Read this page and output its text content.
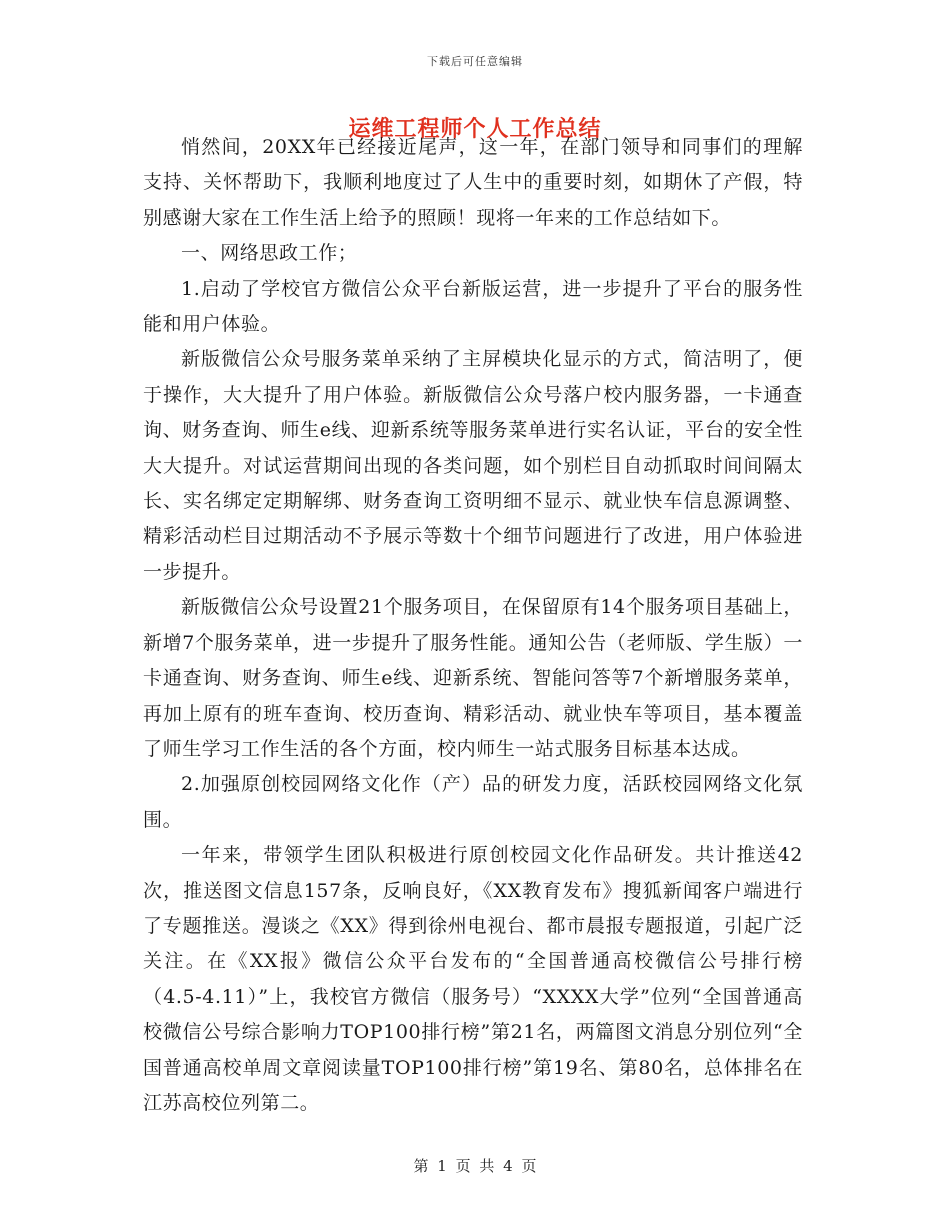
下载后可任意编辑
运维工程师个人工作总结

悄然间，20XX年已经接近尾声，这一年，在部门领导和同事们的理解支持、关怀帮助下，我顺利地度过了人生中的重要时刻，如期休了产假，特别感谢大家在工作生活上给予的照顾！现将一年来的工作总结如下。

一、网络思政工作；

1.启动了学校官方微信公众平台新版运营，进一步提升了平台的服务性能和用户体验。

新版微信公众号服务菜单采纳了主屏模块化显示的方式，简洁明了，便于操作，大大提升了用户体验。新版微信公众号落户校内服务器，一卡通查询、财务查询、师生e线、迎新系统等服务菜单进行实名认证，平台的安全性大大提升。对试运营期间出现的各类问题，如个别栏目自动抓取时间间隔太长、实名绑定定期解绑、财务查询工资明细不显示、就业快车信息源调整、精彩活动栏目过期活动不予展示等数十个细节问题进行了改进，用户体验进一步提升。

新版微信公众号设置21个服务项目，在保留原有14个服务项目基础上，新增7个服务菜单，进一步提升了服务性能。通知公告（老师版、学生版）一卡通查询、财务查询、师生e线、迎新系统、智能问答等7个新增服务菜单，再加上原有的班车查询、校历查询、精彩活动、就业快车等项目，基本覆盖了师生学习工作生活的各个方面，校内师生一站式服务目标基本达成。

2.加强原创校园网络文化作（产）品的研发力度，活跃校园网络文化氛围。

一年来，带领学生团队积极进行原创校园文化作品研发。共计推送42次，推送图文信息157条，反响良好，《XX教育发布》搜狐新闻客户端进行了专题推送。漫谈之《XX》得到徐州电视台、都市晨报专题报道，引起广泛关注。在《XX报》微信公众平台发布的“全国普通高校微信公号排行榜（4.5-4.11）”上，我校官方微信（服务号）“XXXX大学”位列“全国普通高校微信公号综合影响力TOP100排行榜”第21名，两篇图文消息分别位列“全国普通高校单周文章阅读量TOP100排行榜”第19名、第80名，总体排名在江苏高校位列第二。

第 1 页 共 4 页
